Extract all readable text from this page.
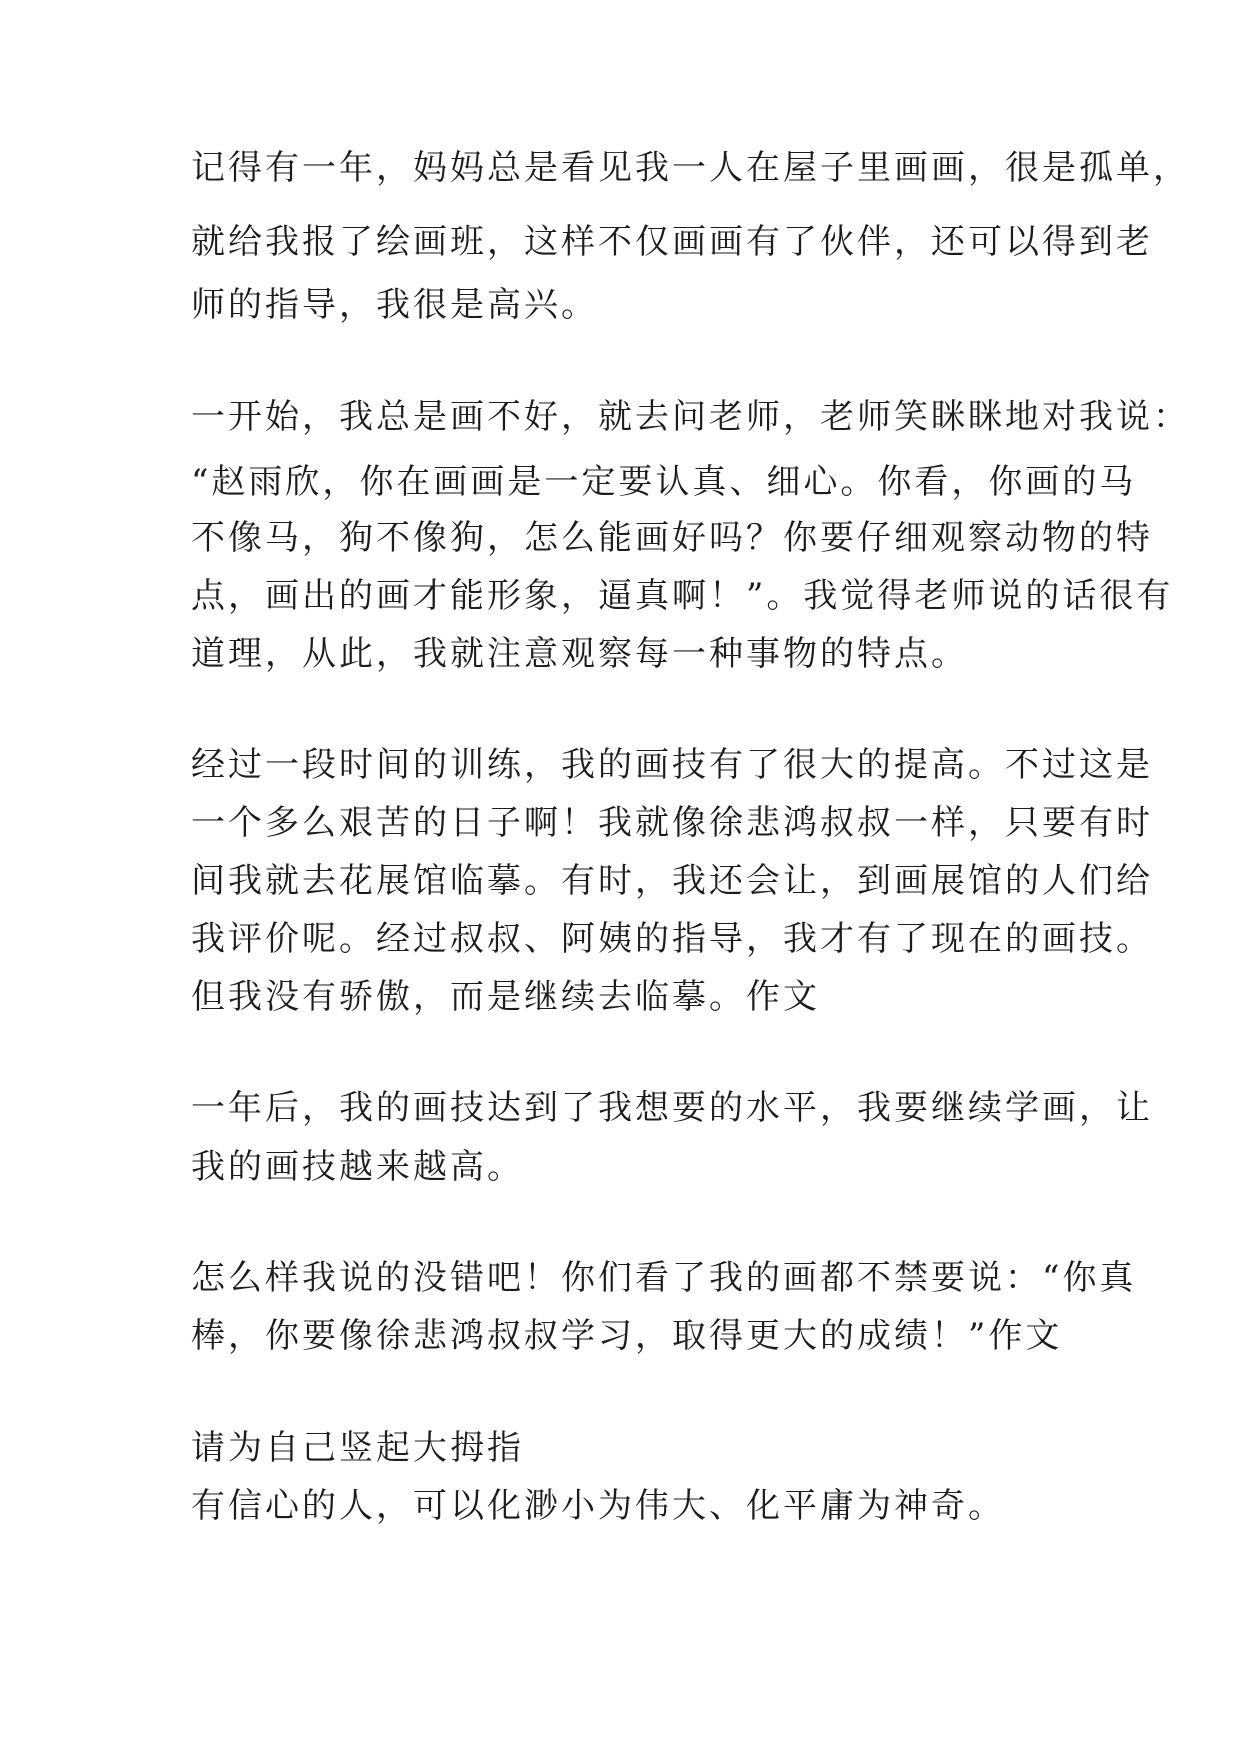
记得有一年，妈妈总是看见我一人在屋子里画画，很是孤单，
就给我报了绘画班，这样不仅画画有了伙伴，还可以得到老
师的指导，我很是高兴。
一开始，我总是画不好，就去问老师，老师笑眯眯地对我说：
“赵雨欣，你在画画是一定要认真、细心。你看，你画的马
不像马，狗不像狗，怎么能画好吗？你要仔细观察动物的特
点，画出的画才能形象，逼真啊！”。我觉得老师说的话很有
道理，从此，我就注意观察每一种事物的特点。
经过一段时间的训练，我的画技有了很大的提高。不过这是
一个多么艰苦的日子啊！我就像徐悲鸿叔叔一样，只要有时
间我就去花展馆临摹。有时，我还会让，到画展馆的人们给
我评价呢。经过叔叔、阿姨的指导，我才有了现在的画技。
但我没有骄傲，而是继续去临摹。作文
一年后，我的画技达到了我想要的水平，我要继续学画，让
我的画技越来越高。
怎么样我说的没错吧！你们看了我的画都不禁要说：“你真
棒，你要像徐悲鸿叔叔学习，取得更大的成绩！”作文
请为自己竖起大拇指
有信心的人，可以化渺小为伟大、化平庸为神奇。
